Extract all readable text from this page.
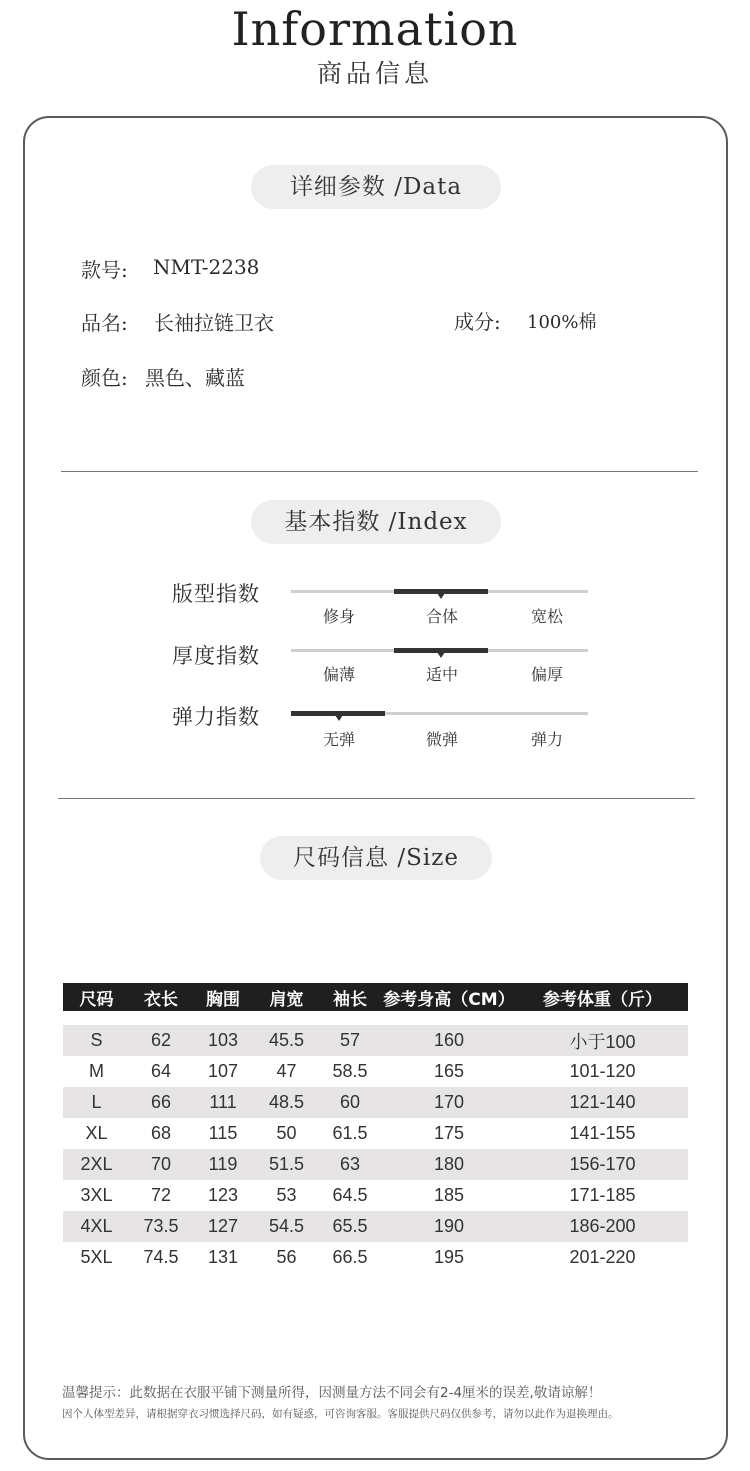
Information
商品信息
详细参数 /Data
款号: NMT-2238
品名: 长袖拉链卫衣	成分: 100%棉
颜色: 黑色、藏蓝
基本指数 /Index
版型指数
修身	合体	宽松
厚度指数
偏薄	适中	偏厚
弹力指数
无弹	微弹	弹力
尺码信息 /Size
尺码	衣长	胸围	肩宽	袖长	参考身高（CM）	参考体重（斤）

S	62	103	45.5	57	160	小于100
M	64	107	47	58.5	165	101-120
L	66	111	48.5	60	170	121-140
XL	68	115	50	61.5	175	141-155
2XL	70	119	51.5	63	180	156-170
3XL	72	123	53	64.5	185	171-185
4XL	73.5	127	54.5	65.5	190	186-200
5XL	74.5	131	56	66.5	195	201-220
温馨提示：此数据在衣服平铺下测量所得，因测量方法不同会有2-4厘米的误差,敬请谅解！
因个人体型差异，请根据穿衣习惯选择尺码，如有疑惑，可咨询客服。客服提供尺码仅供参考，请勿以此作为退换理由。
